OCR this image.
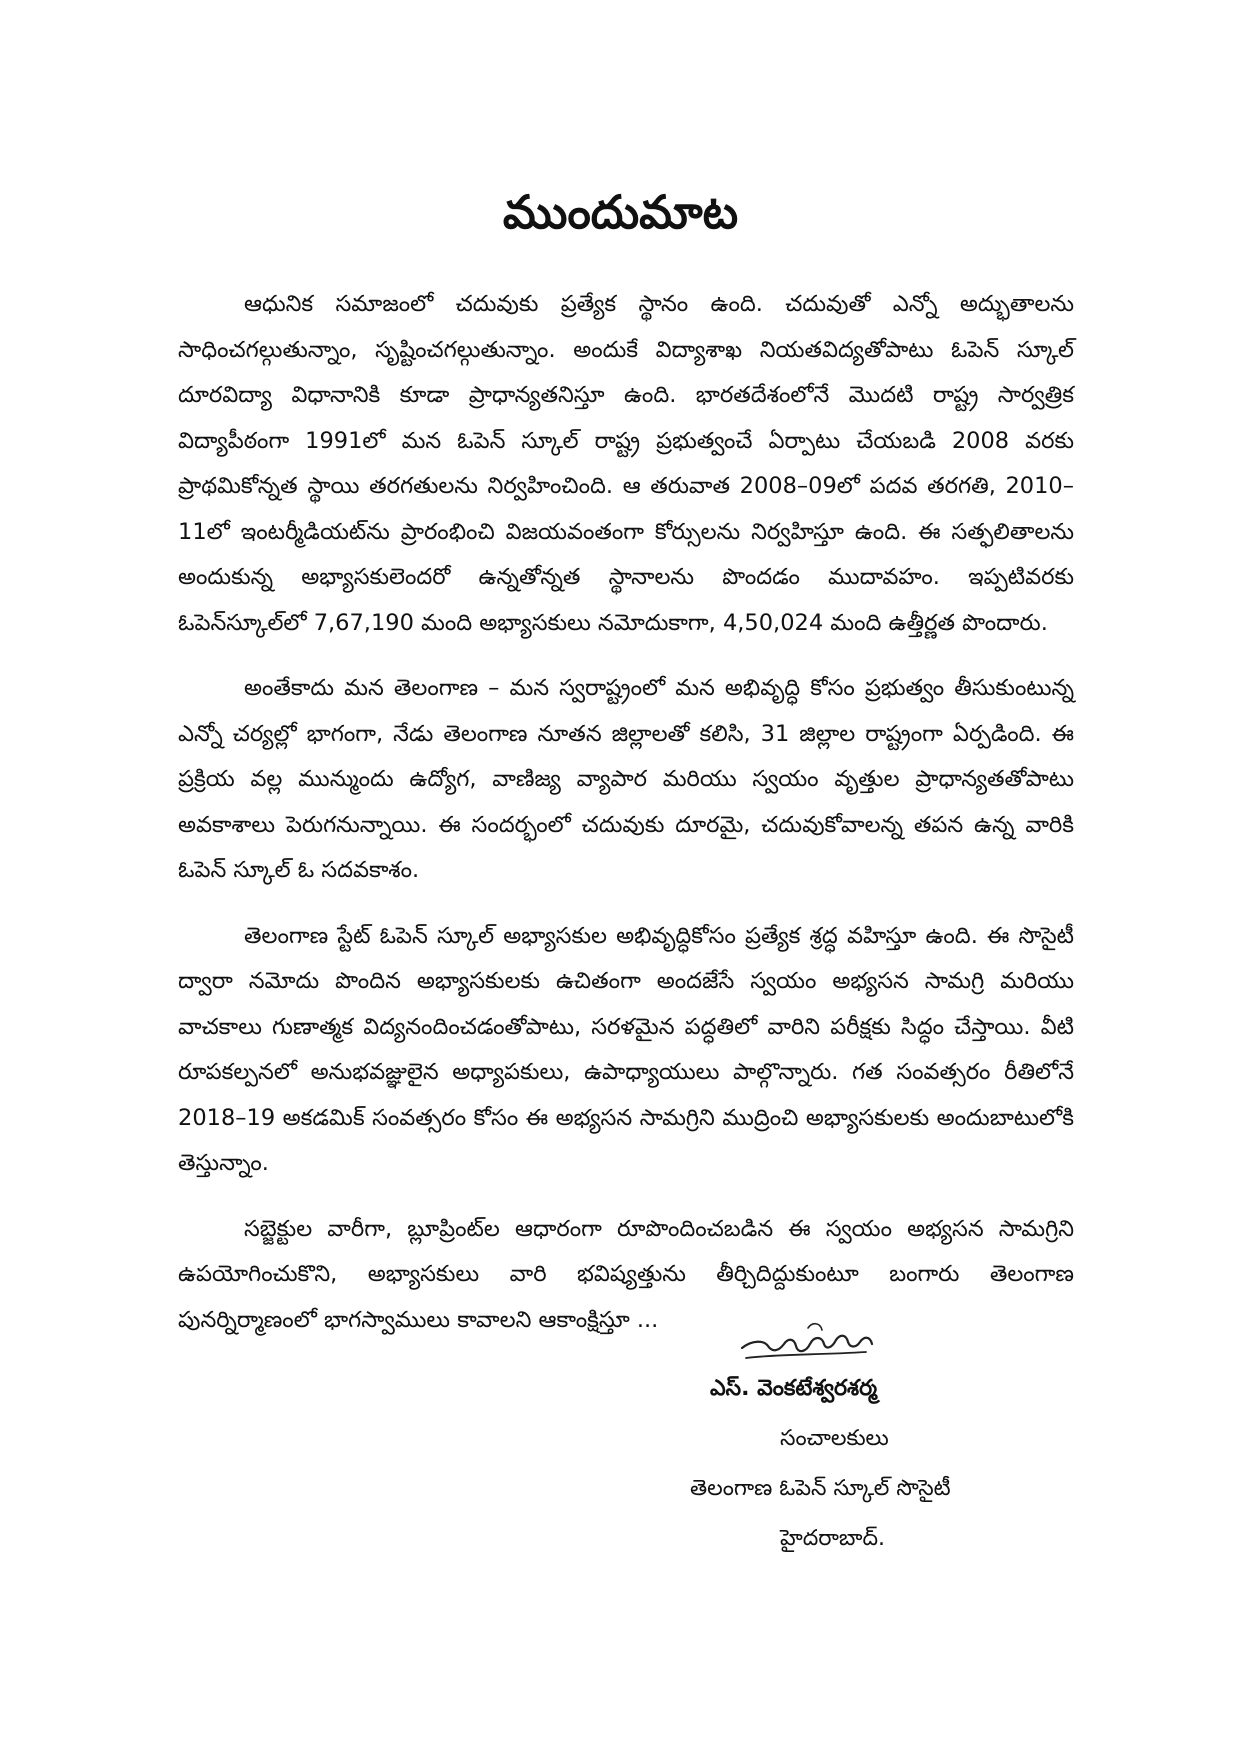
ముందుమాట

ఆధునిక సమాజంలో చదువుకు ప్రత్యేక స్థానం ఉంది. చదువుతో ఎన్నో అద్భుతాలను సాధించగల్గుతున్నాం, సృష్టించగల్గుతున్నాం. అందుకే విద్యాశాఖ నియతవిద్యతోపాటు ఓపెన్ స్కూల్ దూరవిద్యా విధానానికి కూడా ప్రాధాన్యతనిస్తూ ఉంది. భారతదేశంలోనే మొదటి రాష్ట్ర సార్వత్రిక విద్యాపీఠంగా 1991లో మన ఓపెన్ స్కూల్ రాష్ట్ర ప్రభుత్వంచే ఏర్పాటు చేయబడి 2008 వరకు ప్రాథమికోన్నత స్థాయి తరగతులను నిర్వహించింది. ఆ తరువాత 2008–09లో పదవ తరగతి, 2010–11లో ఇంటర్మీడియట్‌ను ప్రారంభించి విజయవంతంగా కోర్సులను నిర్వహిస్తూ ఉంది. ఈ సత్ఫలితాలను అందుకున్న అభ్యాసకులెందరో ఉన్నతోన్నత స్థానాలను పొందడం ముదావహం. ఇప్పటివరకు ఓపెన్‌స్కూల్‌లో 7,67,190 మంది అభ్యాసకులు నమోదుకాగా, 4,50,024 మంది ఉత్తీర్ణత పొందారు.

అంతేకాదు మన తెలంగాణ – మన స్వరాష్ట్రంలో మన అభివృద్ధి కోసం ప్రభుత్వం తీసుకుంటున్న ఎన్నో చర్యల్లో భాగంగా, నేడు తెలంగాణ నూతన జిల్లాలతో కలిసి, 31 జిల్లాల రాష్ట్రంగా ఏర్పడింది. ఈ ప్రక్రియ వల్ల మున్ముందు ఉద్యోగ, వాణిజ్య వ్యాపార మరియు స్వయం వృత్తుల ప్రాధాన్యతతోపాటు అవకాశాలు పెరుగనున్నాయి. ఈ సందర్భంలో చదువుకు దూరమై, చదువుకోవాలన్న తపన ఉన్న వారికి ఓపెన్ స్కూల్ ఓ సదవకాశం.

తెలంగాణ స్టేట్ ఓపెన్ స్కూల్ అభ్యాసకుల అభివృద్ధికోసం ప్రత్యేక శ్రద్ధ వహిస్తూ ఉంది. ఈ సొసైటీ ద్వారా నమోదు పొందిన అభ్యాసకులకు ఉచితంగా అందజేసే స్వయం అభ్యసన సామగ్రి మరియు వాచకాలు గుణాత్మక విద్యనందించడంతోపాటు, సరళమైన పద్ధతిలో వారిని పరీక్షకు సిద్ధం చేస్తాయి. వీటి రూపకల్పనలో అనుభవజ్ఞులైన అధ్యాపకులు, ఉపాధ్యాయులు పాల్గొన్నారు. గత సంవత్సరం రీతిలోనే 2018–19 అకడమిక్ సంవత్సరం కోసం ఈ అభ్యసన సామగ్రిని ముద్రించి అభ్యాసకులకు అందుబాటులోకి తెస్తున్నాం.

సబ్జెక్టుల వారీగా, బ్లూప్రింట్‌ల ఆధారంగా రూపొందించబడిన ఈ స్వయం అభ్యసన సామగ్రిని ఉపయోగించుకొని, అభ్యాసకులు వారి భవిష్యత్తును తీర్చిదిద్దుకుంటూ బంగారు తెలంగాణ పునర్నిర్మాణంలో భాగస్వాములు కావాలని ఆకాంక్షిస్తూ ...

ఎస్. వెంకటేశ్వరశర్మ
సంచాలకులు
తెలంగాణ ఓపెన్ స్కూల్ సొసైటీ
హైదరాబాద్.
